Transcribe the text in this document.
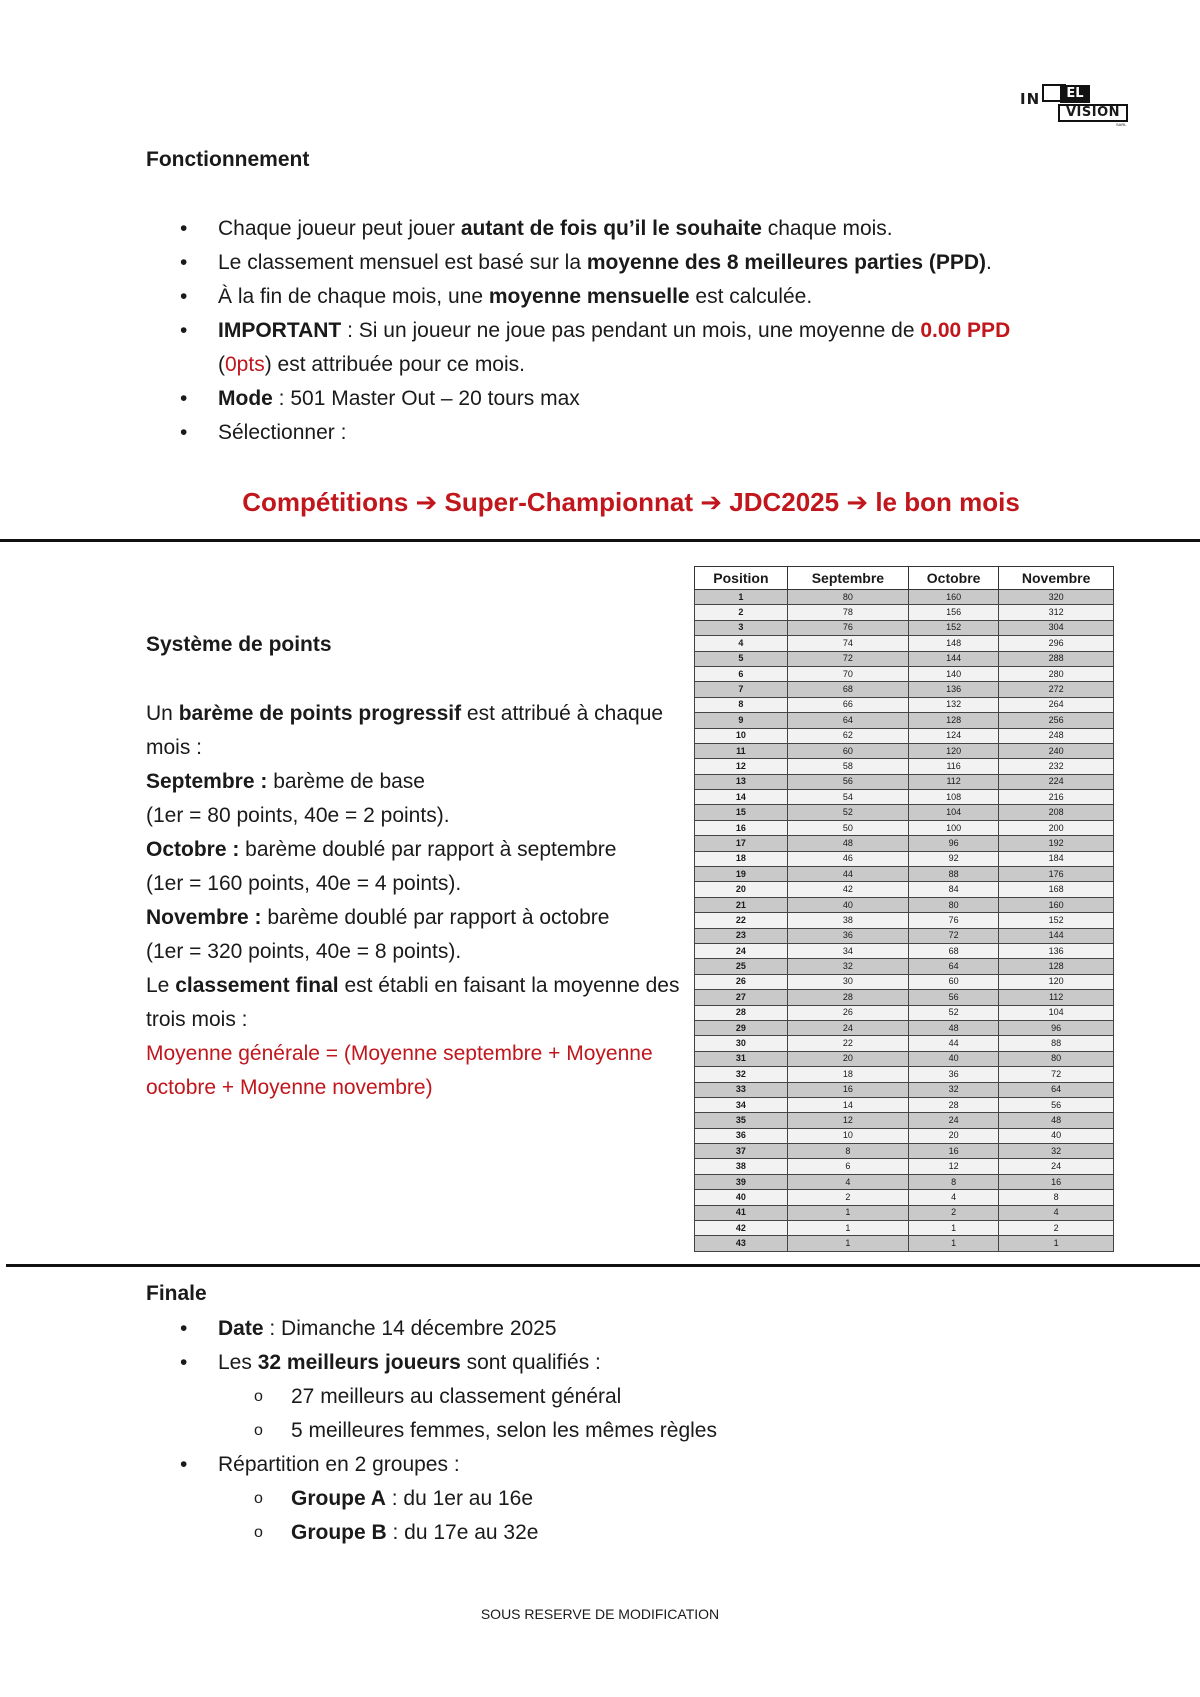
IN	EL
VISION
SARL
Fonctionnement
• Chaque joueur peut jouer autant de fois qu’il le souhaite chaque mois.
• Le classement mensuel est basé sur la moyenne des 8 meilleures parties (PPD).
• À la fin de chaque mois, une moyenne mensuelle est calculée.
• IMPORTANT : Si un joueur ne joue pas pendant un mois, une moyenne de 0.00 PPD (0pts) est attribuée pour ce mois.
• Mode : 501 Master Out – 20 tours max
• Sélectionner :
Compétitions ➔ Super-Championnat ➔ JDC2025 ➔ le bon mois
Système de points
Un barème de points progressif est attribué à chaque mois :
Septembre : barème de base
(1er = 80 points, 40e = 2 points).
Octobre : barème doublé par rapport à septembre
(1er = 160 points, 40e = 4 points).
Novembre : barème doublé par rapport à octobre
(1er = 320 points, 40e = 8 points).
Le classement final est établi en faisant la moyenne des trois mois :
Moyenne générale = (Moyenne septembre + Moyenne octobre + Moyenne novembre)
Position	Septembre	Octobre	Novembre
1	80	160	320
2	78	156	312
3	76	152	304
4	74	148	296
5	72	144	288
6	70	140	280
7	68	136	272
8	66	132	264
9	64	128	256
10	62	124	248
11	60	120	240
12	58	116	232
13	56	112	224
14	54	108	216
15	52	104	208
16	50	100	200
17	48	96	192
18	46	92	184
19	44	88	176
20	42	84	168
21	40	80	160
22	38	76	152
23	36	72	144
24	34	68	136
25	32	64	128
26	30	60	120
27	28	56	112
28	26	52	104
29	24	48	96
30	22	44	88
31	20	40	80
32	18	36	72
33	16	32	64
34	14	28	56
35	12	24	48
36	10	20	40
37	8	16	32
38	6	12	24
39	4	8	16
40	2	4	8
41	1	2	4
42	1	1	2
43	1	1	1
Finale
• Date : Dimanche 14 décembre 2025
• Les 32 meilleurs joueurs sont qualifiés :
o 27 meilleurs au classement général
o 5 meilleures femmes, selon les mêmes règles
• Répartition en 2 groupes :
o Groupe A : du 1er au 16e
o Groupe B : du 17e au 32e
SOUS RESERVE DE MODIFICATION
